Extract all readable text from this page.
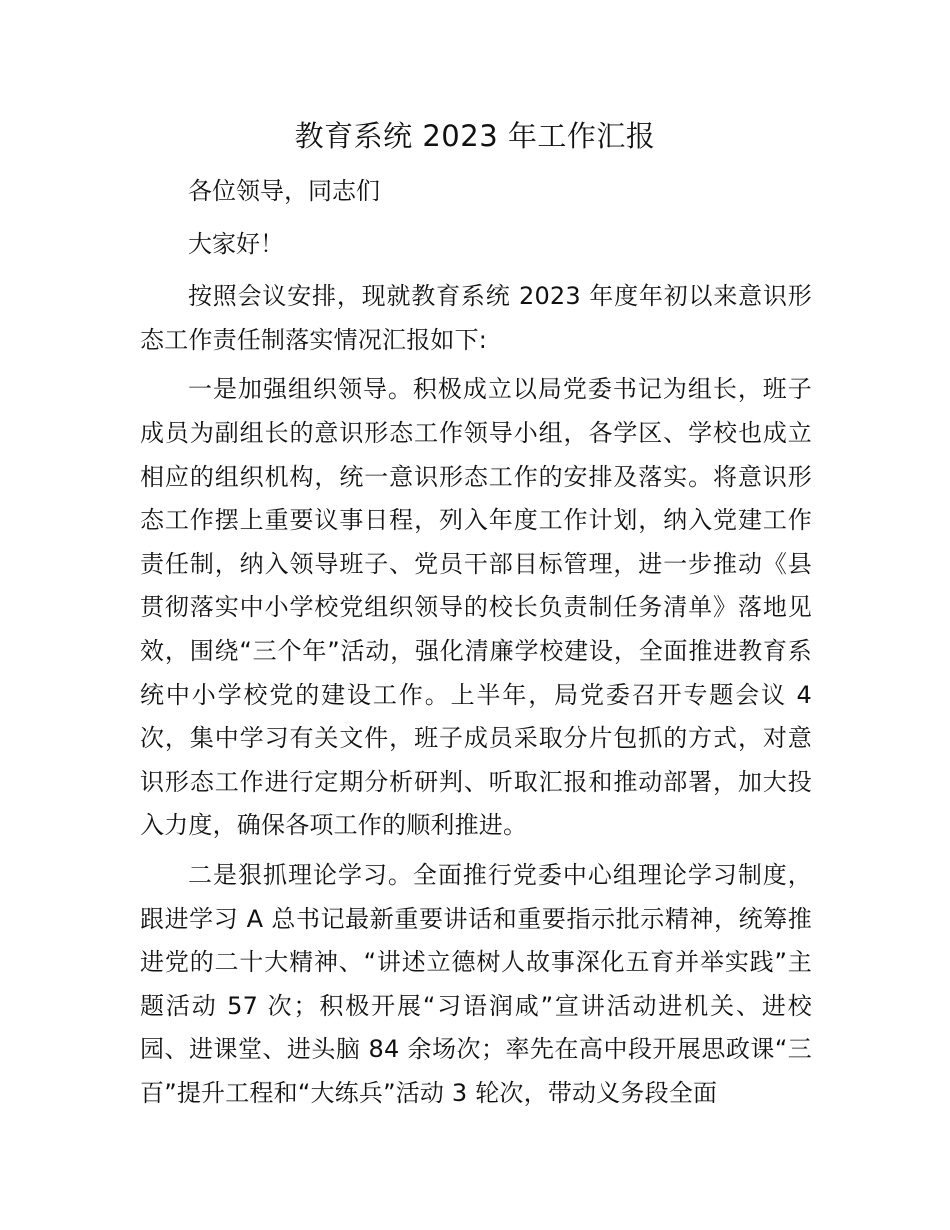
教育系统 2023 年工作汇报

各位领导，同志们

大家好！

按照会议安排，现就教育系统 2023 年度年初以来意识形态工作责任制落实情况汇报如下:

一是加强组织领导。积极成立以局党委书记为组长，班子成员为副组长的意识形态工作领导小组，各学区、学校也成立相应的组织机构，统一意识形态工作的安排及落实。将意识形态工作摆上重要议事日程，列入年度工作计划，纳入党建工作责任制，纳入领导班子、党员干部目标管理，进一步推动《县贯彻落实中小学校党组织领导的校长负责制任务清单》落地见效，围绕“三个年”活动，强化清廉学校建设，全面推进教育系统中小学校党的建设工作。上半年，局党委召开专题会议 4 次，集中学习有关文件，班子成员采取分片包抓的方式，对意识形态工作进行定期分析研判、听取汇报和推动部署，加大投入力度，确保各项工作的顺利推进。

二是狠抓理论学习。全面推行党委中心组理论学习制度，跟进学习 A 总书记最新重要讲话和重要指示批示精神，统筹推进党的二十大精神、“讲述立德树人故事深化五育并举实践”主题活动 57 次；积极开展“习语润咸”宣讲活动进机关、进校园、进课堂、进头脑 84 余场次；率先在高中段开展思政课“三百”提升工程和“大练兵”活动 3 轮次，带动义务段全面
